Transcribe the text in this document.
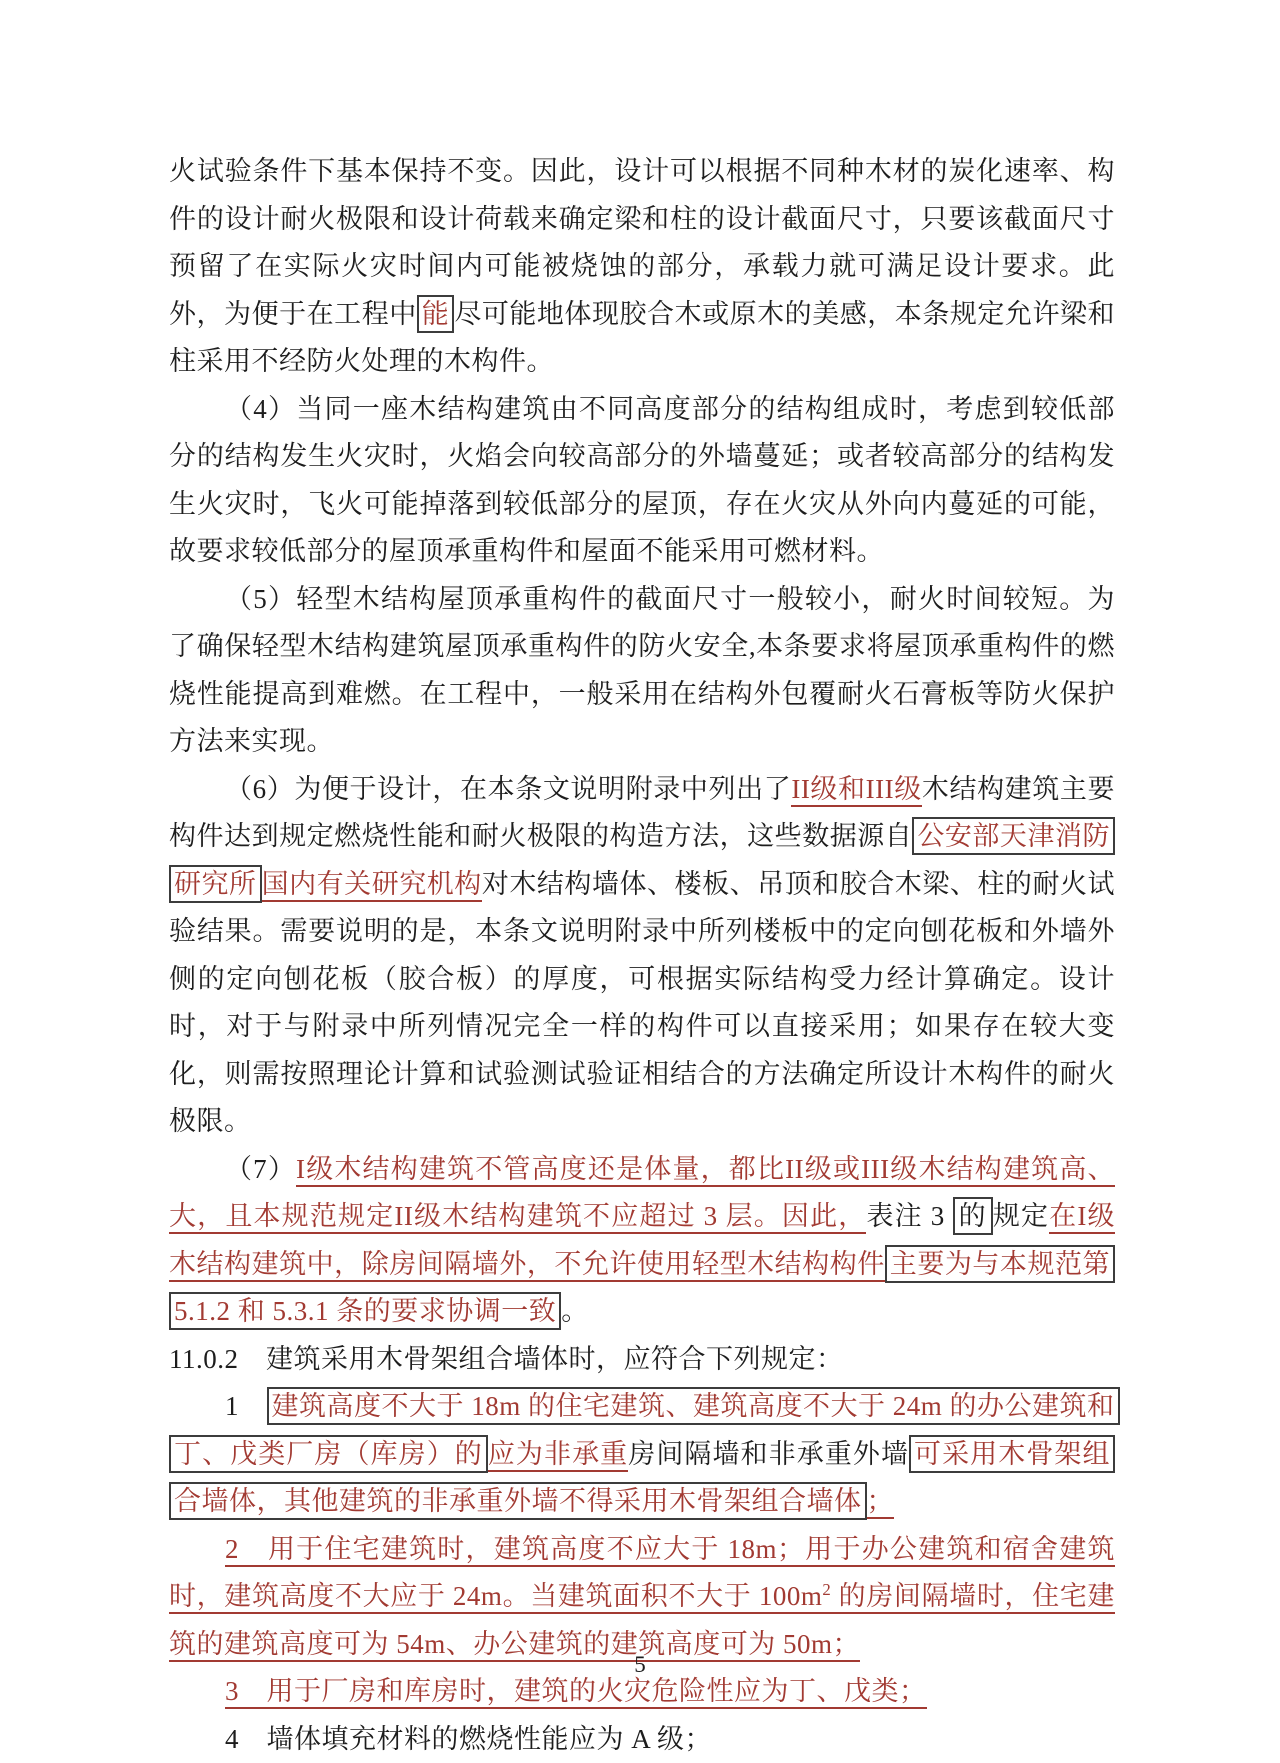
火试验条件下基本保持不变。因此，设计可以根据不同种木材的炭化速率、构件的设计耐火极限和设计荷载来确定梁和柱的设计截面尺寸，只要该截面尺寸预留了在实际火灾时间内可能被烧蚀的部分，承载力就可满足设计要求。此外，为便于在工程中 能 尽可能地体现胶合木或原木的美感，本条规定允许梁和柱采用不经防火处理的木构件。

（4）当同一座木结构建筑由不同高度部分的结构组成时，考虑到较低部分的结构发生火灾时，火焰会向较高部分的外墙蔓延；或者较高部分的结构发生火灾时，飞火可能掉落到较低部分的屋顶，存在火灾从外向内蔓延的可能，故要求较低部分的屋顶承重构件和屋面不能采用可燃材料。

（5）轻型木结构屋顶承重构件的截面尺寸一般较小，耐火时间较短。为了确保轻型木结构建筑屋顶承重构件的防火安全,本条要求将屋顶承重构件的燃烧性能提高到难燃。在工程中，一般采用在结构外包覆耐火石膏板等防火保护方法来实现。

（6）为便于设计，在本条文说明附录中列出了II级和III级木结构建筑主要构件达到规定燃烧性能和耐火极限的构造方法，这些数据源自 公安部天津消防研究所 国内有关研究机构对木结构墙体、楼板、吊顶和胶合木梁、柱的耐火试验结果。需要说明的是，本条文说明附录中所列楼板中的定向刨花板和外墙外侧的定向刨花板（胶合板）的厚度，可根据实际结构受力经计算确定。设计时，对于与附录中所列情况完全一样的构件可以直接采用；如果存在较大变化，则需按照理论计算和试验测试验证相结合的方法确定所设计木构件的耐火极限。

（7）I级木结构建筑不管高度还是体量，都比II级或III级木结构建筑高、大，且本规范规定II级木结构建筑不应超过 3 层。因此，表注 3 的 规定在I级木结构建筑中，除房间隔墙外，不允许使用轻型木结构构件 主要为与本规范第 5.1.2 和 5.3.1 条的要求协调一致 。

11.0.2　建筑采用木骨架组合墙体时，应符合下列规定：

1　建筑高度不大于 18m 的住宅建筑、建筑高度不大于 24m 的办公建筑和丁、戊类厂房（库房）的 应为非承重房间隔墙和非承重外墙 可采用木骨架组合墙体，其他建筑的非承重外墙不得采用木骨架组合墙体 ；

2　用于住宅建筑时，建筑高度不应大于 18m；用于办公建筑和宿舍建筑时，建筑高度不大应于 24m。当建筑面积不大于 $100m^2$ 的房间隔墙时，住宅建筑的建筑高度可为 54m、办公建筑的建筑高度可为 50m；

3　用于厂房和库房时，建筑的火灾危险性应为丁、戊类；

4　墙体填充材料的燃烧性能应为 A 级；

5
